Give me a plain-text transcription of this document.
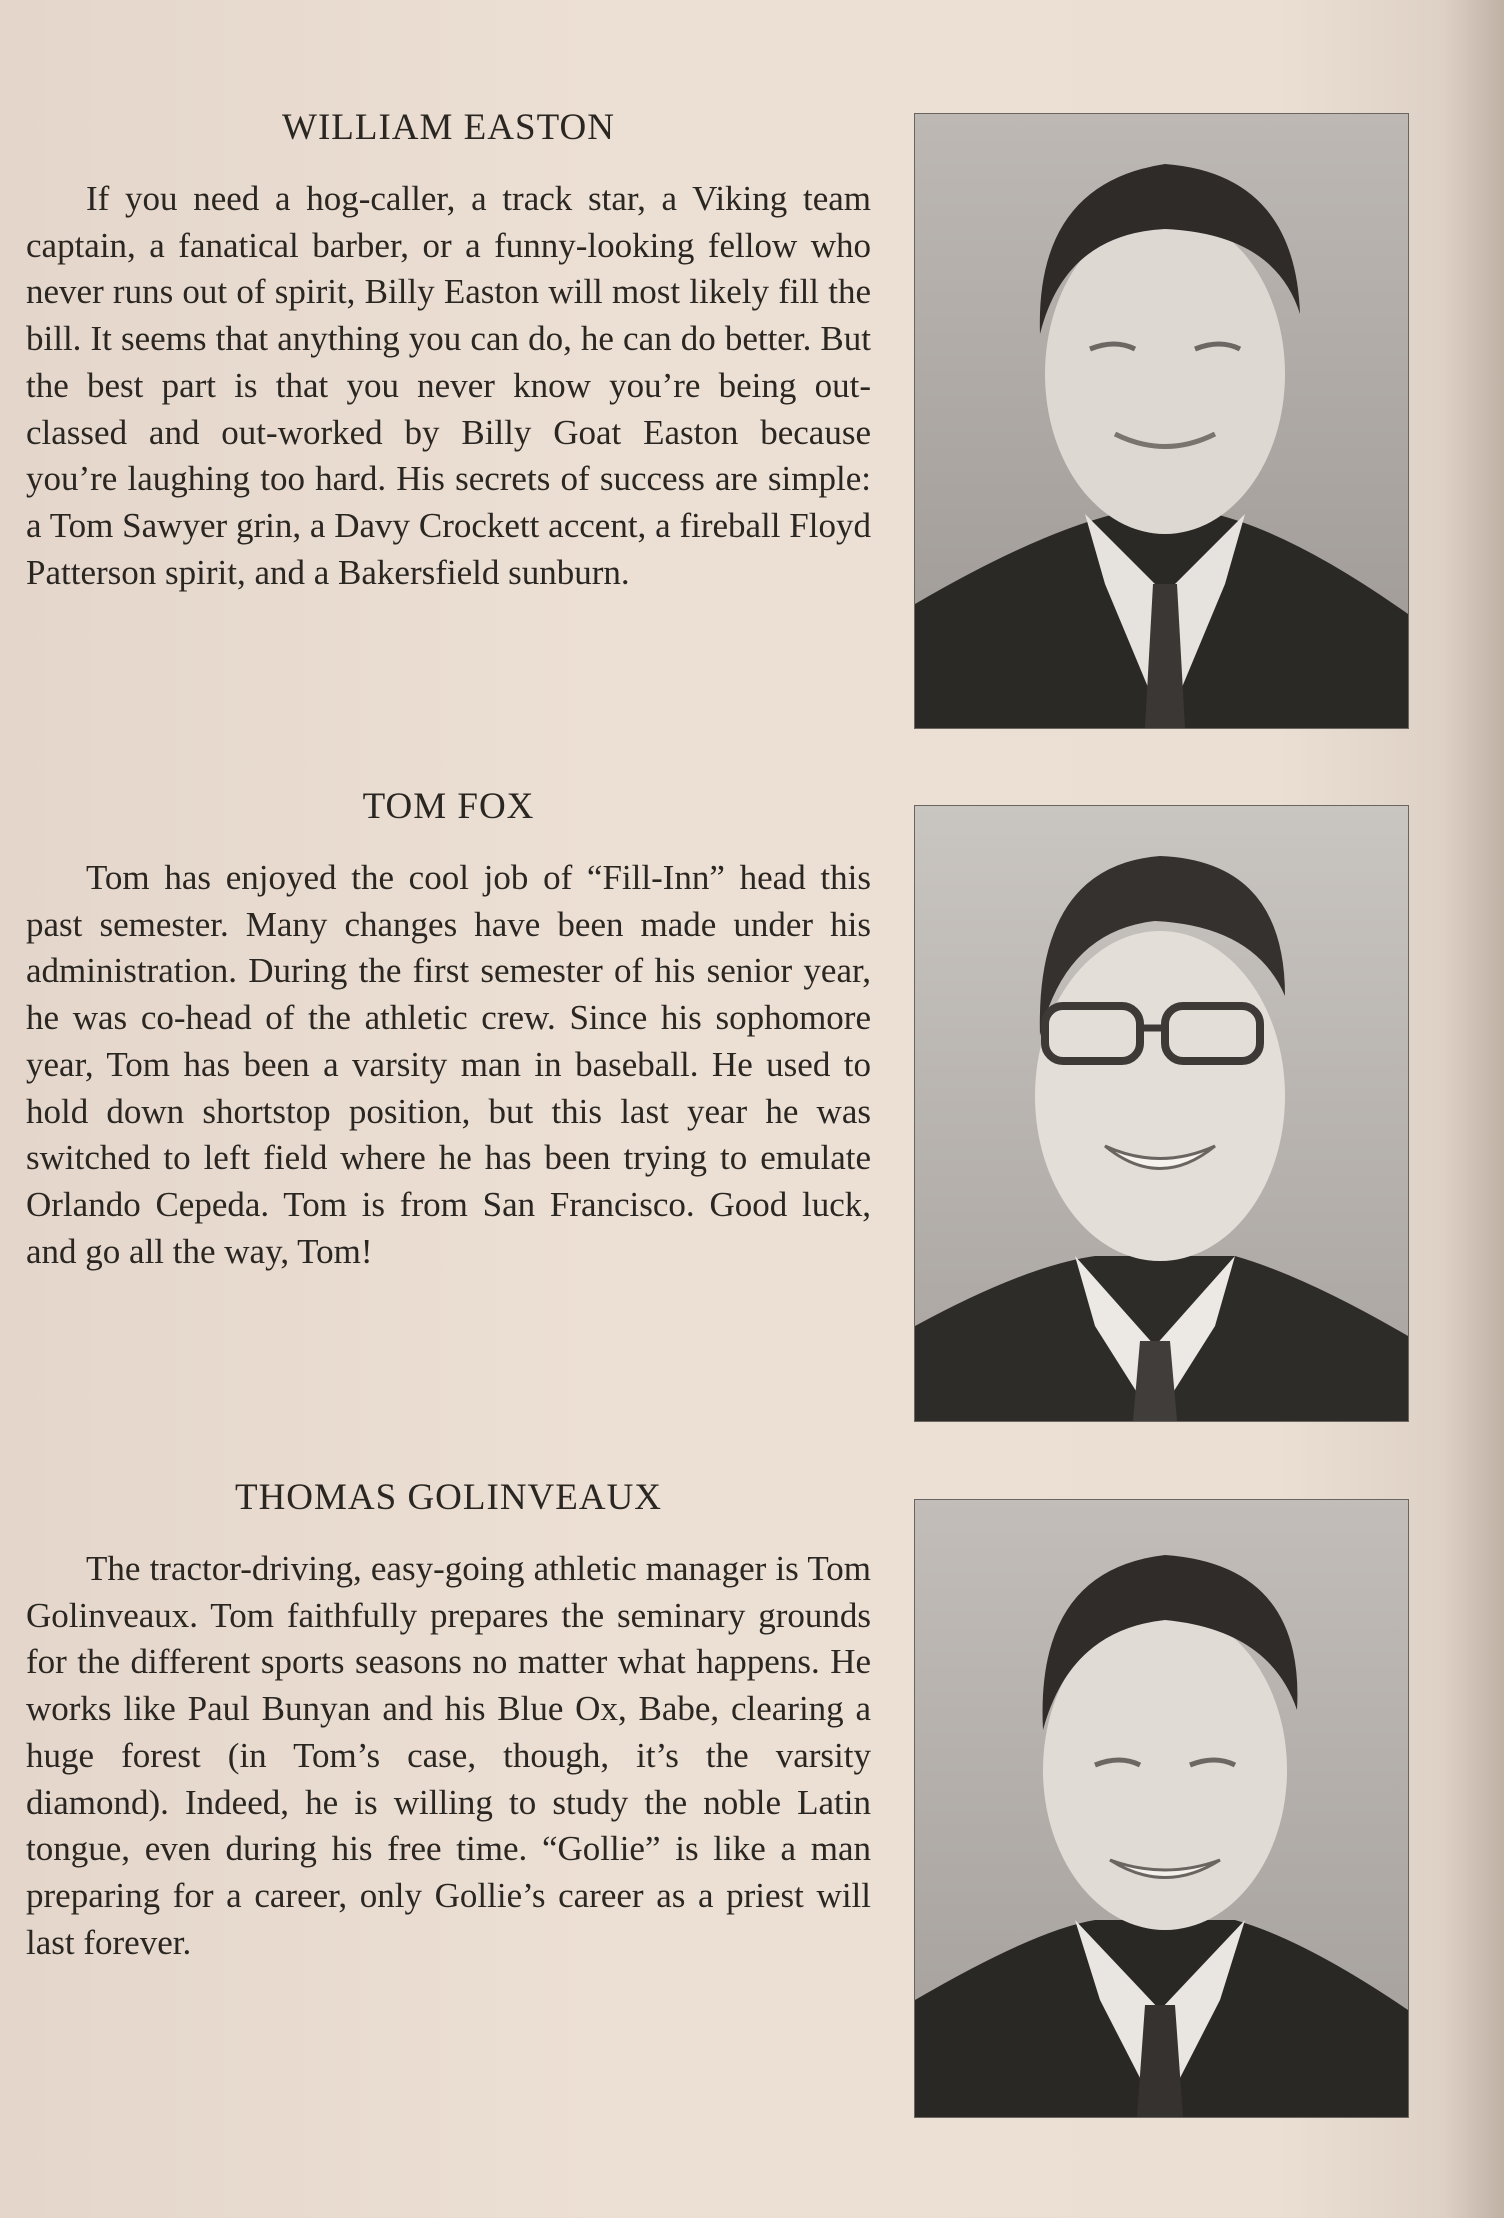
WILLIAM EASTON

If you need a hog-caller, a track star, a Viking team captain, a fanatical barber, or a funny-looking fellow who never runs out of spirit, Billy Easton will most likely fill the bill. It seems that anything you can do, he can do better. But the best part is that you never know you’re being out-classed and out-worked by Billy Goat Easton because you’re laughing too hard. His secrets of success are simple: a Tom Sawyer grin, a Davy Crockett accent, a fireball Floyd Patterson spirit, and a Bakersfield sunburn.

TOM FOX

Tom has enjoyed the cool job of “Fill-Inn” head this past semester. Many changes have been made under his administration. During the first semester of his senior year, he was co-head of the athletic crew. Since his sophomore year, Tom has been a varsity man in baseball. He used to hold down shortstop position, but this last year he was switched to left field where he has been trying to emulate Orlando Cepeda. Tom is from San Francisco. Good luck, and go all the way, Tom!

THOMAS GOLINVEAUX

The tractor-driving, easy-going athletic manager is Tom Golinveaux. Tom faithfully prepares the seminary grounds for the different sports seasons no matter what happens. He works like Paul Bunyan and his Blue Ox, Babe, clearing a huge forest (in Tom’s case, though, it’s the varsity diamond). Indeed, he is willing to study the noble Latin tongue, even during his free time. “Gollie” is like a man preparing for a career, only Gollie’s career as a priest will last forever.
